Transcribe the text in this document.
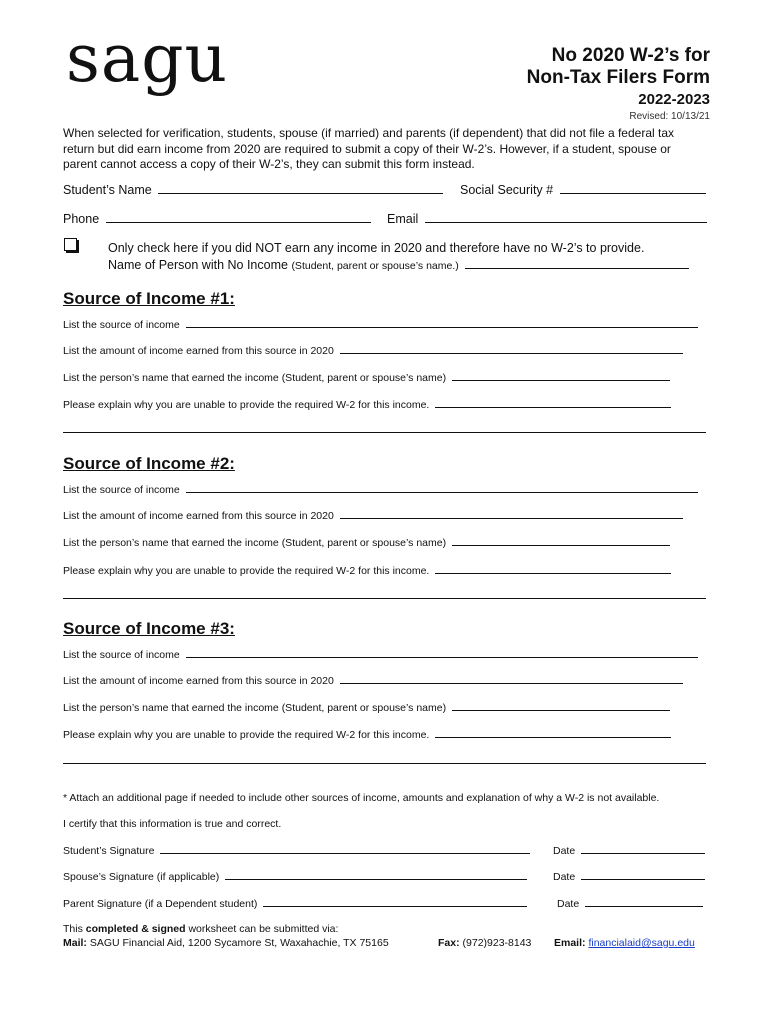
sagu	No 2020 W-2’s for
Non-Tax Filers Form
2022-2023
Revised: 10/13/21
When selected for verification, students, spouse (if married) and parents (if dependent) that did not file a federal tax return but did earn income from 2020 are required to submit a copy of their W-2’s. However, if a student, spouse or parent cannot access a copy of their W-2’s, they can submit this form instead.
Student’s Name	Social Security #
Phone	Email
Only check here if you did NOT earn any income in 2020 and therefore have no W-2’s to provide.
Name of Person with No Income (Student, parent or spouse’s name.)
Source of Income #1:
List the source of income
List the amount of income earned from this source in 2020
List the person’s name that earned the income (Student, parent or spouse’s name)
Please explain why you are unable to provide the required W-2 for this income.
Source of Income #2:
List the source of income
List the amount of income earned from this source in 2020
List the person’s name that earned the income (Student, parent or spouse’s name)
Please explain why you are unable to provide the required W-2 for this income.
Source of Income #3:
List the source of income
List the amount of income earned from this source in 2020
List the person’s name that earned the income (Student, parent or spouse’s name)
Please explain why you are unable to provide the required W-2 for this income.
* Attach an additional page if needed to include other sources of income, amounts and explanation of why a W-2 is not available.
I certify that this information is true and correct.
Student’s Signature	Date
Spouse’s Signature (if applicable)	Date
Parent Signature (if a Dependent student)	Date
This completed & signed worksheet can be submitted via:
Mail: SAGU Financial Aid, 1200 Sycamore St, Waxahachie, TX 75165	Fax: (972)923-8143 Email: financialaid@sagu.edu
